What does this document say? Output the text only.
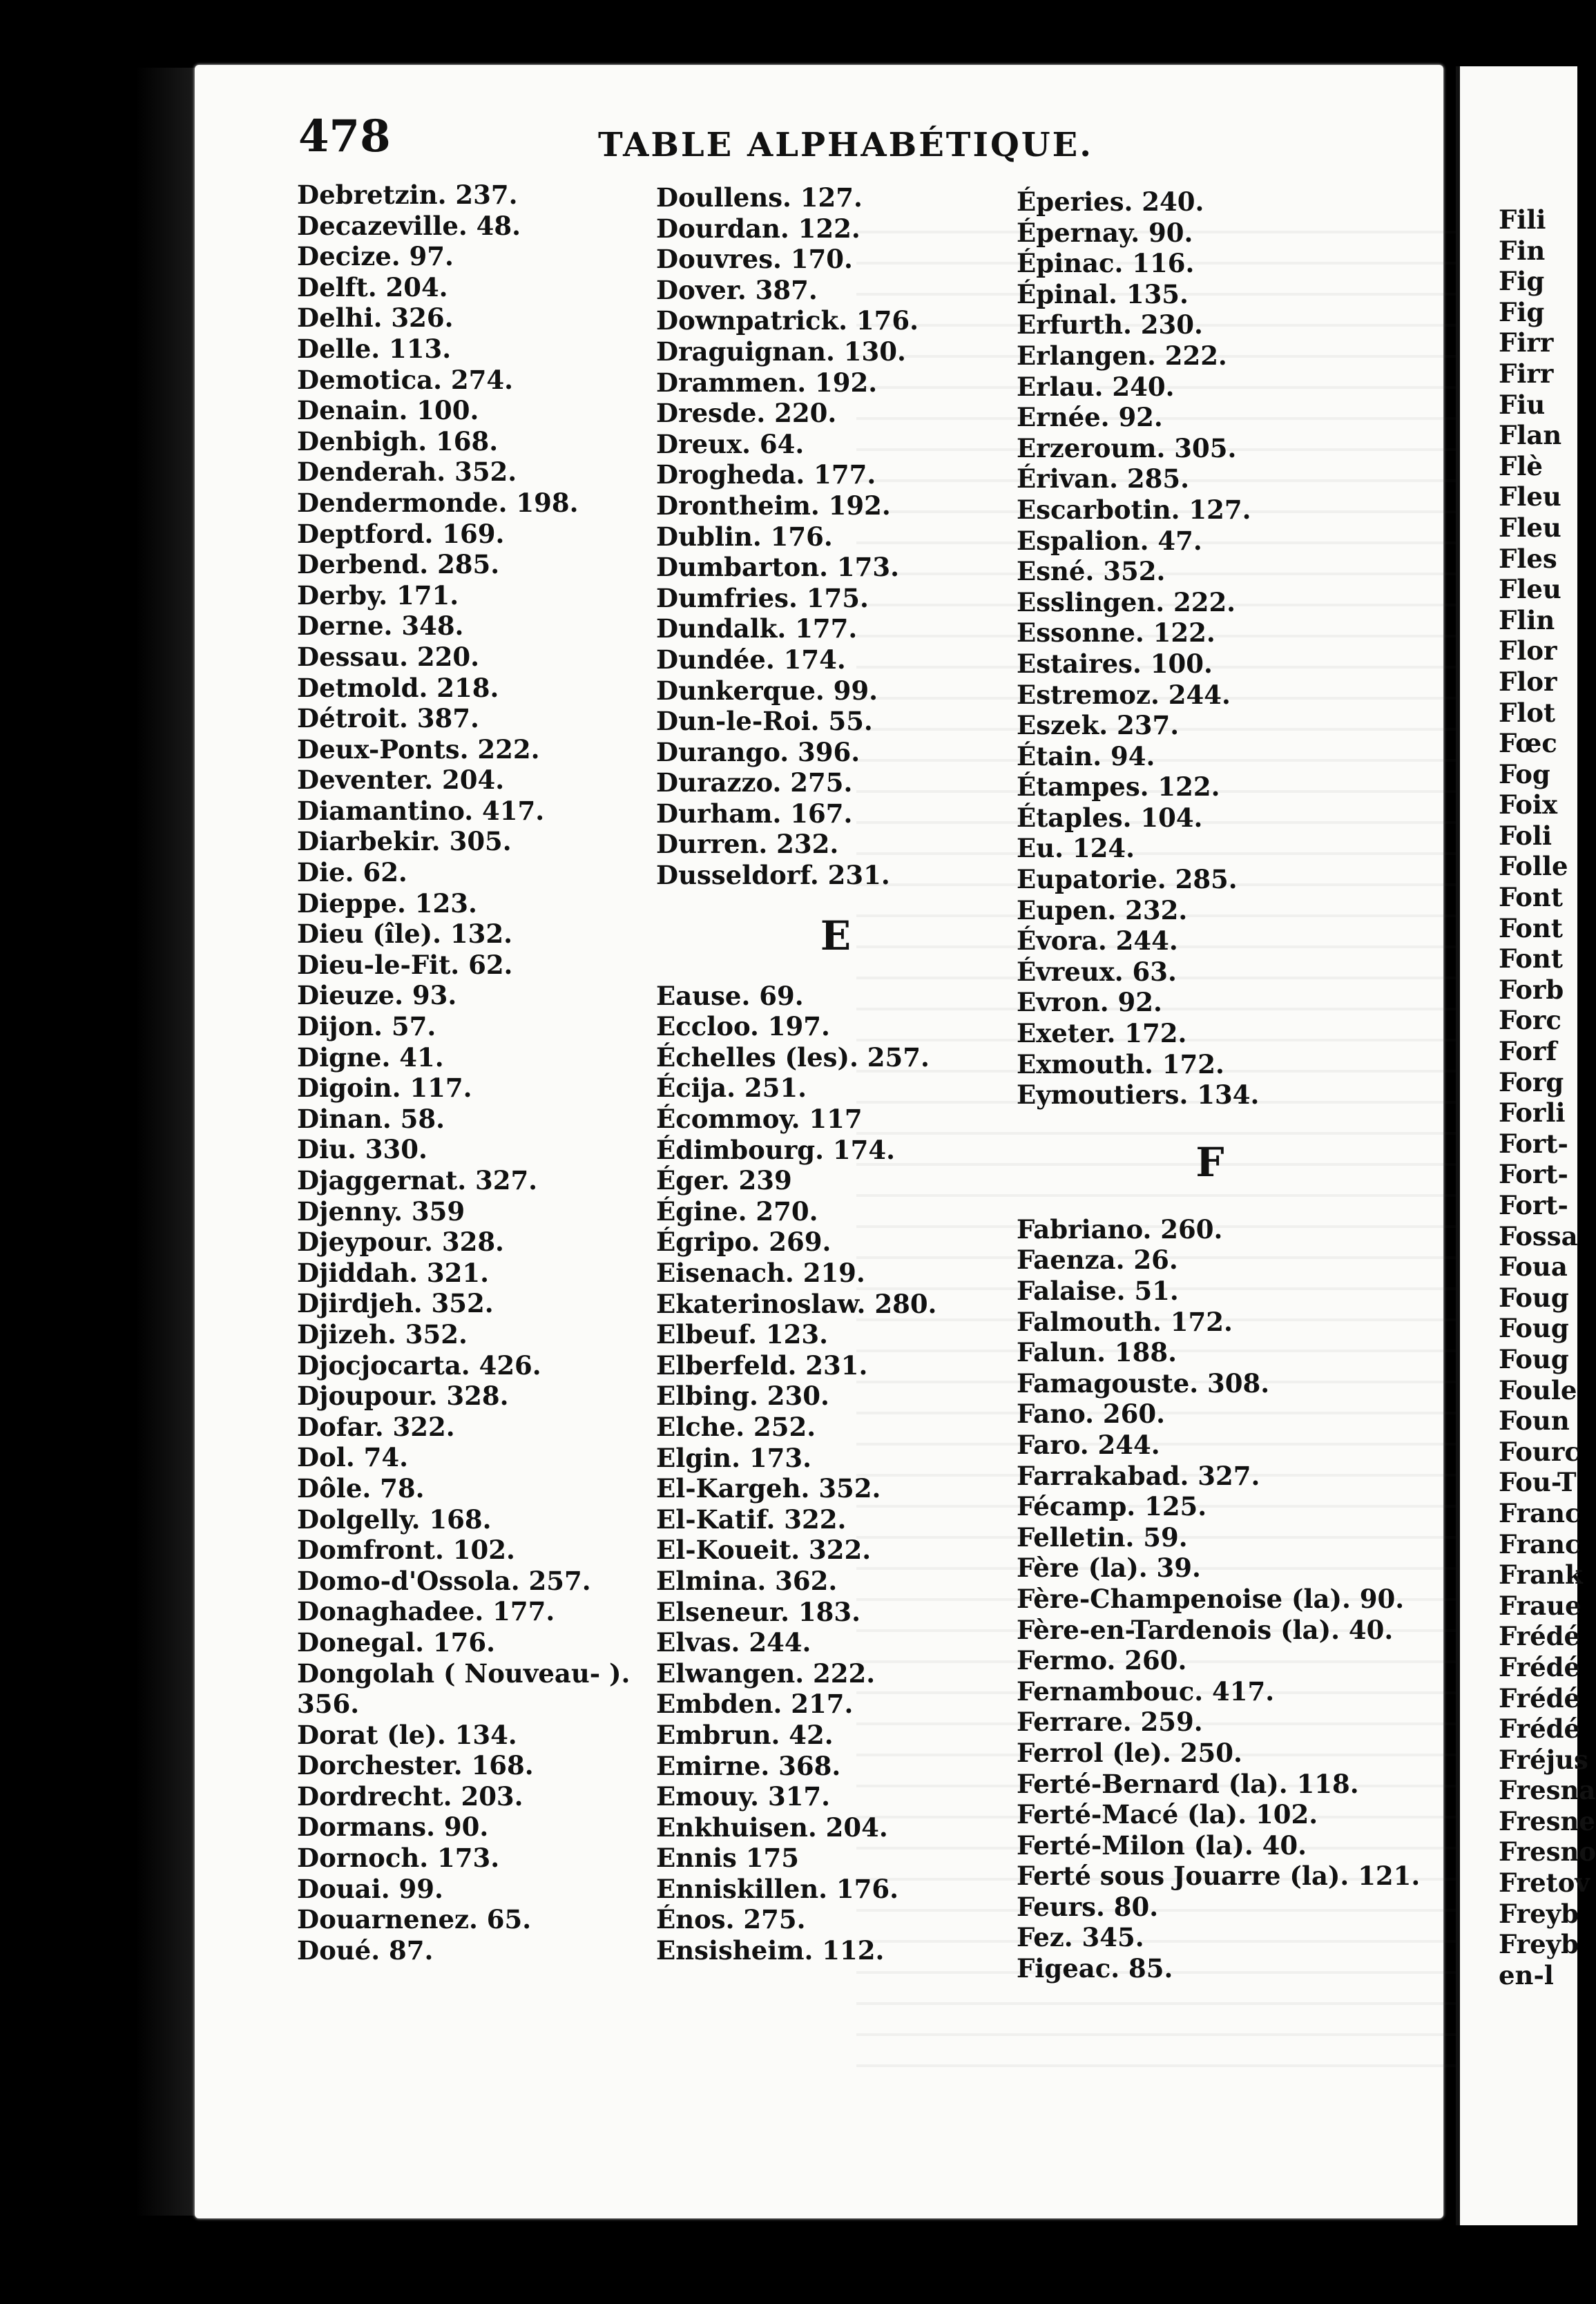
478	TABLE ALPHABÉTIQUE.
Debretzin. 237.
Decazeville. 48.
Decize. 97.
Delft. 204.
Delhi. 326.
Delle. 113.
Demotica. 274.
Denain. 100.
Denbigh. 168.
Denderah. 352.
Dendermonde. 198.
Deptford. 169.
Derbend. 285.
Derby. 171.
Derne. 348.
Dessau. 220.
Detmold. 218.
Détroit. 387.
Deux-Ponts. 222.
Deventer. 204.
Diamantino. 417.
Diarbekir. 305.
Die. 62.
Dieppe. 123.
Dieu (île). 132.
Dieu-le-Fit. 62.
Dieuze. 93.
Dijon. 57.
Digne. 41.
Digoin. 117.
Dinan. 58.
Diu. 330.
Djaggernat. 327.
Djenny. 359
Djeypour. 328.
Djiddah. 321.
Djirdjeh. 352.
Djizeh. 352.
Djocjocarta. 426.
Djoupour. 328.
Dofar. 322.
Dol. 74.
Dôle. 78.
Dolgelly. 168.
Domfront. 102.
Domo-d'Ossola. 257.
Donaghadee. 177.
Donegal. 176.
Dongolah ( Nouveau- ).
356.
Dorat (le). 134.
Dorchester. 168.
Dordrecht. 203.
Dormans. 90.
Dornoch. 173.
Douai. 99.
Douarnenez. 65.
Doué. 87.
Doullens. 127.
Dourdan. 122.
Douvres. 170.
Dover. 387.
Downpatrick. 176.
Draguignan. 130.
Drammen. 192.
Dresde. 220.
Dreux. 64.
Drogheda. 177.
Drontheim. 192.
Dublin. 176.
Dumbarton. 173.
Dumfries. 175.
Dundalk. 177.
Dundée. 174.
Dunkerque. 99.
Dun-le-Roi. 55.
Durango. 396.
Durazzo. 275.
Durham. 167.
Durren. 232.
Dusseldorf. 231.
E
Eause. 69.
Eccloo. 197.
Échelles (les). 257.
Écija. 251.
Écommoy. 117
Édimbourg. 174.
Éger. 239
Égine. 270.
Égripo. 269.
Eisenach. 219.
Ekaterinoslaw. 280.
Elbeuf. 123.
Elberfeld. 231.
Elbing. 230.
Elche. 252.
Elgin. 173.
El-Kargeh. 352.
El-Katif. 322.
El-Koueit. 322.
Elmina. 362.
Elseneur. 183.
Elvas. 244.
Elwangen. 222.
Embden. 217.
Embrun. 42.
Emirne. 368.
Emouy. 317.
Enkhuisen. 204.
Ennis 175
Enniskillen. 176.
Énos. 275.
Ensisheim. 112.
Éperies. 240.
Épernay. 90.
Épinac. 116.
Épinal. 135.
Erfurth. 230.
Erlangen. 222.
Erlau. 240.
Ernée. 92.
Erzeroum. 305.
Érivan. 285.
Escarbotin. 127.
Espalion. 47.
Esné. 352.
Esslingen. 222.
Essonne. 122.
Estaires. 100.
Estremoz. 244.
Eszek. 237.
Étain. 94.
Étampes. 122.
Étaples. 104.
Eu. 124.
Eupatorie. 285.
Eupen. 232.
Évora. 244.
Évreux. 63.
Evron. 92.
Exeter. 172.
Exmouth. 172.
Eymoutiers. 134.
F
Fabriano. 260.
Faenza. 26.
Falaise. 51.
Falmouth. 172.
Falun. 188.
Famagouste. 308.
Fano. 260.
Faro. 244.
Farrakabad. 327.
Fécamp. 125.
Felletin. 59.
Fère (la). 39.
Fère-Champenoise (la). 90.
Fère-en-Tardenois (la). 40.
Fermo. 260.
Fernambouc. 417.
Ferrare. 259.
Ferrol (le). 250.
Ferté-Bernard (la). 118.
Ferté-Macé (la). 102.
Ferté-Milon (la). 40.
Ferté sous Jouarre (la). 121.
Feurs. 80.
Fez. 345.
Figeac. 85.
Fili
Fin
Fig
Fig
Firr
Firr
Fiu
Flan
Flè
Fleu
Fleu
Fles
Fleu
Flin
Flor
Flor
Flot
Fœc
Fog
Foix
Foli
Folle
Font
Font
Font
Forb
Forc
Forf
Forg
Forli
Fort-
Fort-
Fort-
Fossa
Foua
Foug
Foug
Foug
Foule
Foun
Fourc
Fou-T
Franc
Franc
Frank
Fraue
Frédé
Frédé
Frédé
Frédé
Fréjus
Fresna
Fresne
Fresno
Fretov
Freyb
Freyb
en-l
